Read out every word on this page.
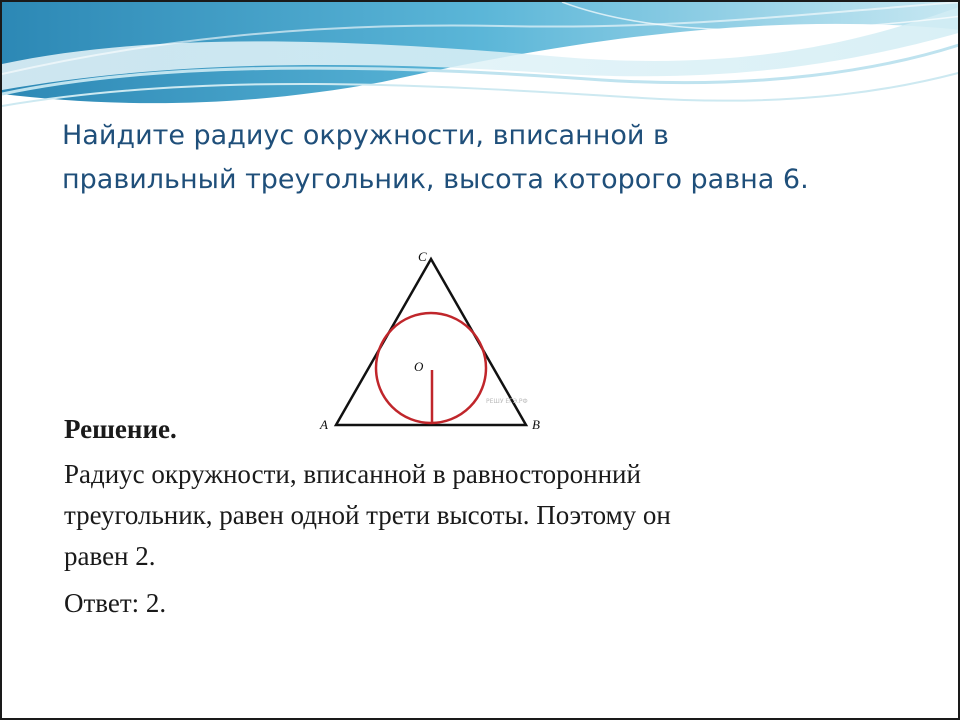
Найдите радиус окружности, вписанной в
правильный треугольник, высота которого равна 6.
C
O
A	B
РЕШУ ЕГЭ.РФ

Решение.

Радиус окружности, вписанной в равносторонний
треугольник, равен одной трети высоты. Поэтому он
равен 2.

Ответ: 2.
